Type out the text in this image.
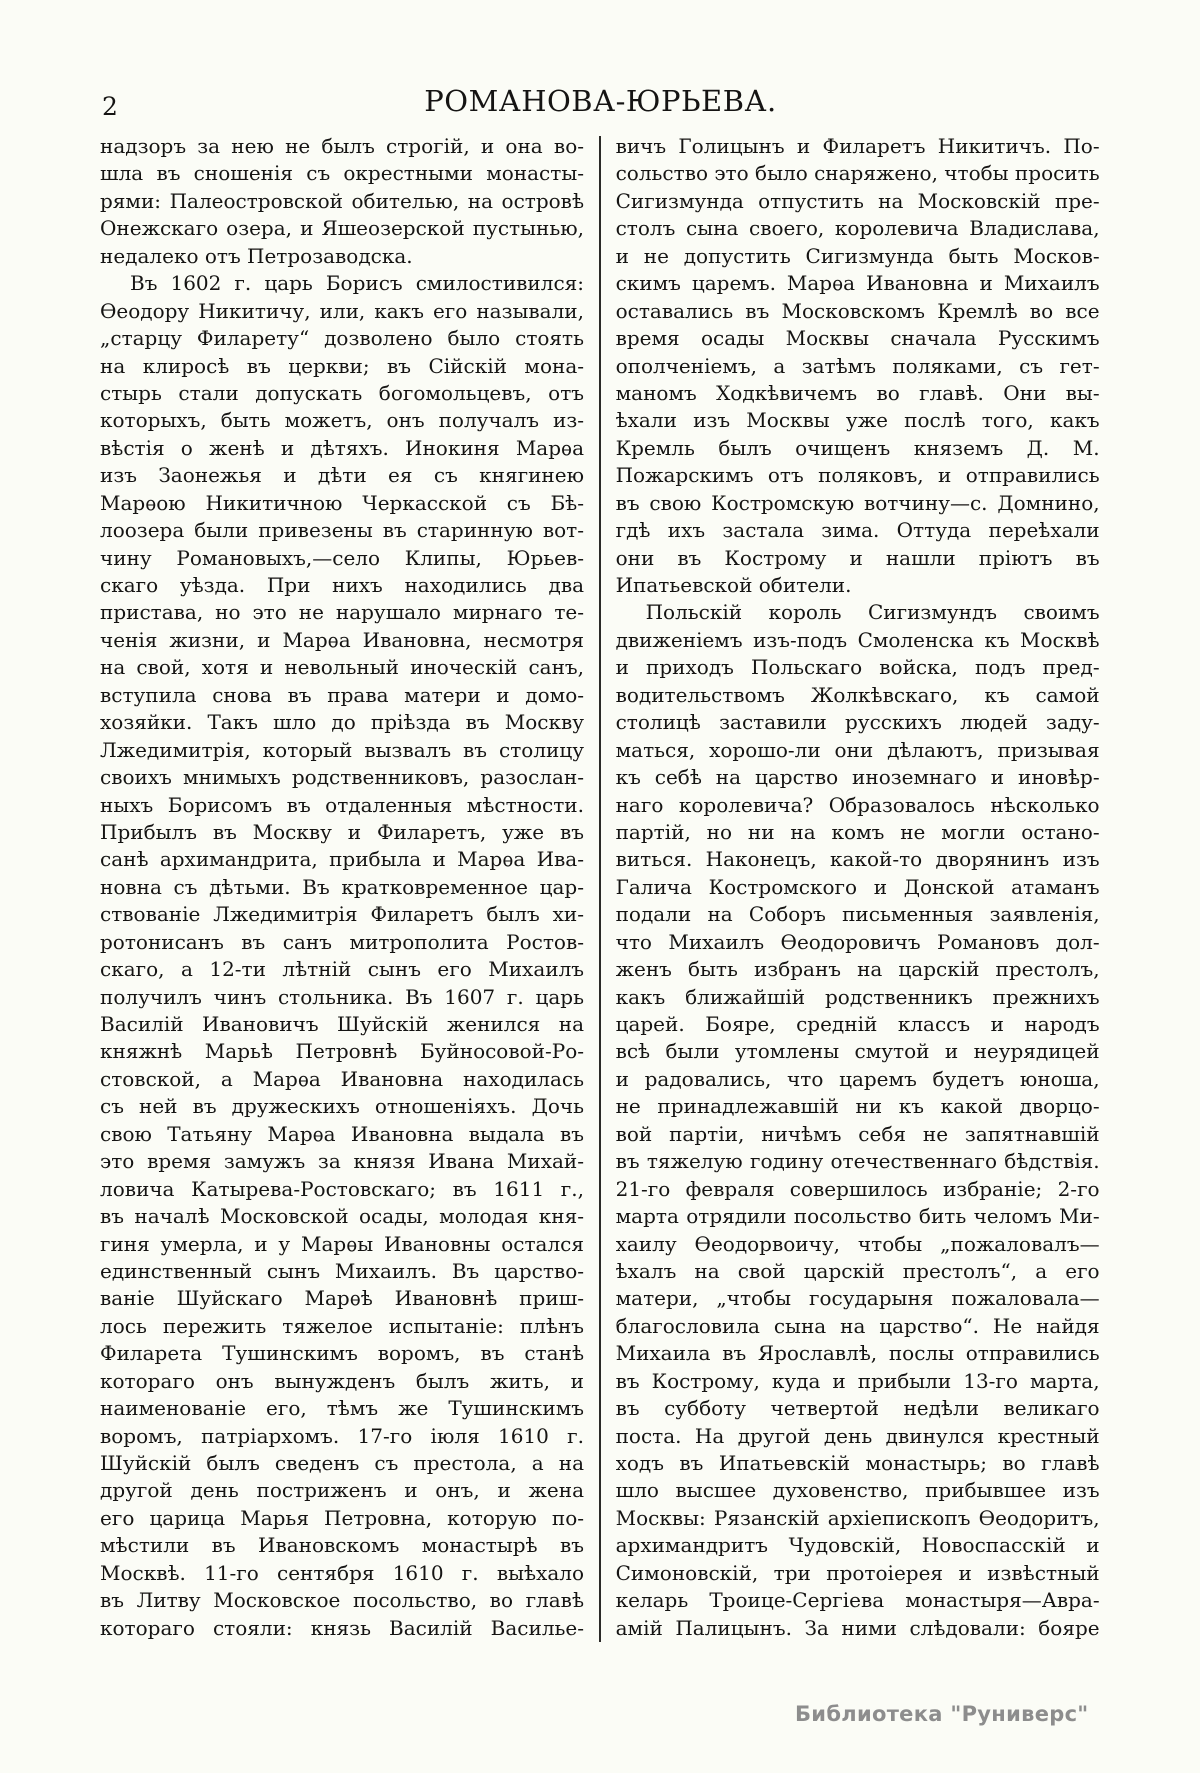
2	РОМАНОВА-ЮРЬЕВА.
надзоръ за нею не былъ строгій, и она во-
шла въ сношенія съ окрестными монасты-
рями: Палеостровской обителью, на островѣ
Онежскаго озера, и Яшеозерской пустынью,
недалеко отъ Петрозаводска.
Въ 1602 г. царь Борисъ смилостивился:
Ѳеодору Никитичу, или, какъ его называли,
„старцу Филарету“ дозволено было стоять
на клиросѣ въ церкви; въ Сійскій мона-
стырь стали допускать богомольцевъ, отъ
которыхъ, быть можетъ, онъ получалъ из-
вѣстія о женѣ и дѣтяхъ. Инокиня Марѳа
изъ Заонежья и дѣти ея съ княгинею
Марѳою Никитичною Черкасской съ Бѣ-
лоозера были привезены въ старинную вот-
чину Романовыхъ,—село Клипы, Юрьев-
скаго уѣзда. При нихъ находились два
пристава, но это не нарушало мирнаго те-
ченія жизни, и Марѳа Ивановна, несмотря
на свой, хотя и невольный иноческій санъ,
вступила снова въ права матери и домо-
хозяйки. Такъ шло до пріѣзда въ Москву
Лжедимитрія, который вызвалъ въ столицу
своихъ мнимыхъ родственниковъ, разослан-
ныхъ Борисомъ въ отдаленныя мѣстности.
Прибылъ въ Москву и Филаретъ, уже въ
санѣ архимандрита, прибыла и Марѳа Ива-
новна съ дѣтьми. Въ кратковременное цар-
ствованіе Лжедимитрія Филаретъ былъ хи-
ротонисанъ въ санъ митрополита Ростов-
скаго, а 12-ти лѣтній сынъ его Михаилъ
получилъ чинъ стольника. Въ 1607 г. царь
Василій Ивановичъ Шуйскій женился на
княжнѣ Марьѣ Петровнѣ Буйносовой-Ро-
стовской, а Марѳа Ивановна находилась
съ ней въ дружескихъ отношеніяхъ. Дочь
свою Татьяну Марѳа Ивановна выдала въ
это время замужъ за князя Ивана Михай-
ловича Катырева-Ростовскаго; въ 1611 г.,
въ началѣ Московской осады, молодая кня-
гиня умерла, и у Марѳы Ивановны остался
единственный сынъ Михаилъ. Въ царство-
ваніе Шуйскаго Марѳѣ Ивановнѣ приш-
лось пережить тяжелое испытаніе: плѣнъ
Филарета Тушинскимъ воромъ, въ станѣ
котораго онъ вынужденъ былъ жить, и
наименованіе его, тѣмъ же Тушинскимъ
воромъ, патріархомъ. 17-го іюля 1610 г.
Шуйскій былъ сведенъ съ престола, а на
другой день постриженъ и онъ, и жена
его царица Марья Петровна, которую по-
мѣстили въ Ивановскомъ монастырѣ въ
Москвѣ. 11-го сентября 1610 г. выѣхало
въ Литву Московское посольство, во главѣ
котораго стояли: князь Василій Василье-
вичъ Голицынъ и Филаретъ Никитичъ. По-
сольство это было снаряжено, чтобы просить
Сигизмунда отпустить на Московскій пре-
столъ сына своего, королевича Владислава,
и не допустить Сигизмунда быть Москов-
скимъ царемъ. Марѳа Ивановна и Михаилъ
оставались въ Московскомъ Кремлѣ во все
время осады Москвы сначала Русскимъ
ополченіемъ, а затѣмъ поляками, съ гет-
маномъ Ходкѣвичемъ во главѣ. Они вы-
ѣхали изъ Москвы уже послѣ того, какъ
Кремль былъ очищенъ княземъ Д. М.
Пожарскимъ отъ поляковъ, и отправились
въ свою Костромскую вотчину—с. Домнино,
гдѣ ихъ застала зима. Оттуда переѣхали
они въ Кострому и нашли пріютъ въ
Ипатьевской обители.
Польскій король Сигизмундъ своимъ
движеніемъ изъ-подъ Смоленска къ Москвѣ
и приходъ Польскаго войска, подъ пред-
водительствомъ Жолкѣвскаго, къ самой
столицѣ заставили русскихъ людей заду-
маться, хорошо-ли они дѣлаютъ, призывая
къ себѣ на царство иноземнаго и иновѣр-
наго королевича? Образовалось нѣсколько
партій, но ни на комъ не могли остано-
виться. Наконецъ, какой-то дворянинъ изъ
Галича Костромского и Донской атаманъ
подали на Соборъ письменныя заявленія,
что Михаилъ Ѳеодоровичъ Романовъ дол-
женъ быть избранъ на царскій престолъ,
какъ ближайшій родственникъ прежнихъ
царей. Бояре, средній классъ и народъ
всѣ были утомлены смутой и неурядицей
и радовались, что царемъ будетъ юноша,
не принадлежавшій ни къ какой дворцо-
вой партіи, ничѣмъ себя не запятнавшій
въ тяжелую годину отечественнаго бѣдствія.
21-го февраля совершилось избраніе; 2-го
марта отрядили посольство бить челомъ Ми-
хаилу Ѳеодорвоичу, чтобы „пожаловалъ—
ѣхалъ на свой царскій престолъ“, а его
матери, „чтобы государыня пожаловала—
благословила сына на царство“. Не найдя
Михаила въ Ярославлѣ, послы отправились
въ Кострому, куда и прибыли 13-го марта,
въ субботу четвертой недѣли великаго
поста. На другой день двинулся крестный
ходъ въ Ипатьевскій монастырь; во главѣ
шло высшее духовенство, прибывшее изъ
Москвы: Рязанскій архіепископъ Ѳеодоритъ,
архимандритъ Чудовскій, Новоспасскій и
Симоновскій, три протоіерея и извѣстный
келарь Троице-Сергіева монастыря—Авра-
амій Палицынъ. За ними слѣдовали: бояре
Библиотека "Руниверс"
